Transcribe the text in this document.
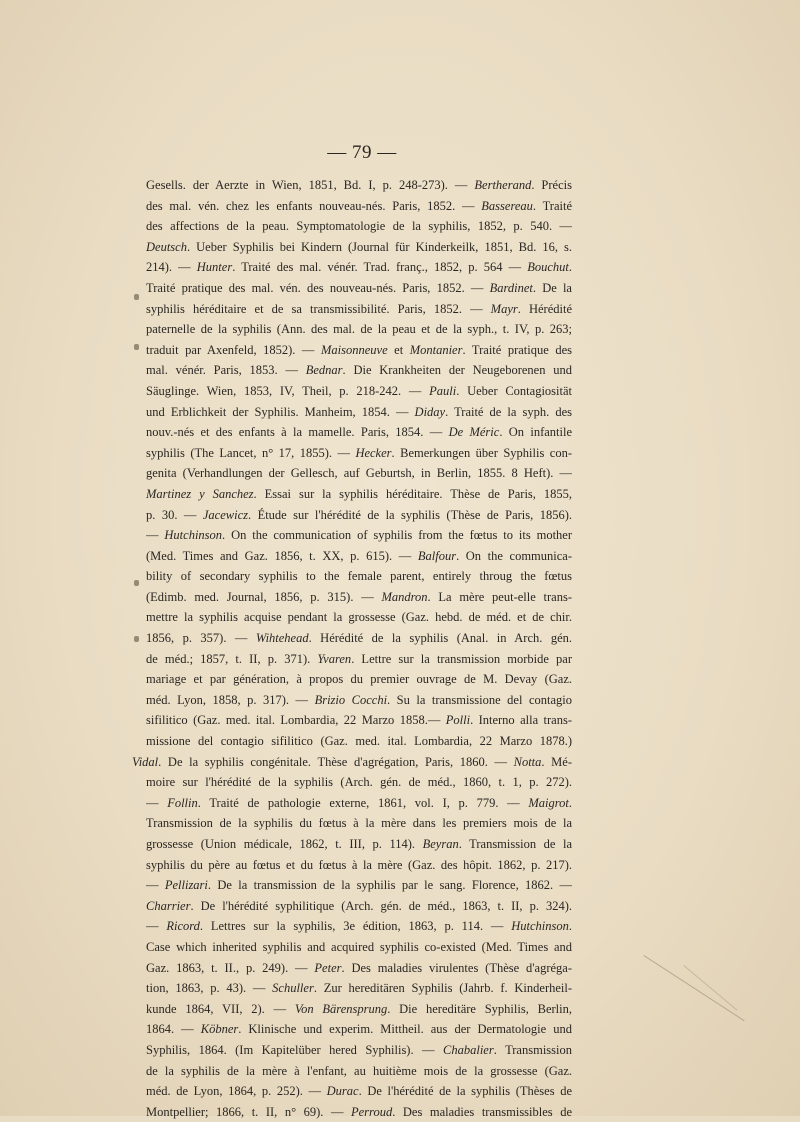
— 79 —
Gesells. der Aerzte in Wien, 1851, Bd. I, p. 248-273). — Bertherand. Précis
des mal. vén. chez les enfants nouveau-nés. Paris, 1852. — Bassereau. Traité
des affections de la peau. Symptomatologie de la syphilis, 1852, p. 540. —
Deutsch. Ueber Syphilis bei Kindern (Journal für Kinderkeilk, 1851, Bd. 16, s.
214). — Hunter. Traité des mal. vénér. Trad. franç., 1852, p. 564 — Bouchut.
Traité pratique des mal. vén. des nouveau-nés. Paris, 1852. — Bardinet. De la
syphilis héréditaire et de sa transmissibilité. Paris, 1852. — Mayr. Hérédité
paternelle de la syphilis (Ann. des mal. de la peau et de la syph., t. IV, p. 263;
traduit par Axenfeld, 1852). — Maisonneuve et Montanier. Traité pratique des
mal. vénér. Paris, 1853. — Bednar. Die Krankheiten der Neugeborenen und
Säuglinge. Wien, 1853, IV, Theil, p. 218-242. — Pauli. Ueber Contagiosität
und Erblichkeit der Syphilis. Manheim, 1854. — Diday. Traité de la syph. des
nouv.-nés et des enfants à la mamelle. Paris, 1854. — De Méric. On infantile
syphilis (The Lancet, n° 17, 1855). — Hecker. Bemerkungen über Syphilis con-
genita (Verhandlungen der Gellesch, auf Geburtsh, in Berlin, 1855. 8 Heft). —
Martinez y Sanchez. Essai sur la syphilis héréditaire. Thèse de Paris, 1855,
p. 30. — Jacewicz. Étude sur l'hérédité de la syphilis (Thèse de Paris, 1856).
— Hutchinson. On the communication of syphilis from the fœtus to its mother
(Med. Times and Gaz. 1856, t. XX, p. 615). — Balfour. On the communica-
bility of secondary syphilis to the female parent, entirely throug the fœtus
(Edimb. med. Journal, 1856, p. 315). — Mandron. La mère peut-elle trans-
mettre la syphilis acquise pendant la grossesse (Gaz. hebd. de méd. et de chir.
1856, p. 357). — Wihtehead. Hérédité de la syphilis (Anal. in Arch. gén.
de méd.; 1857, t. II, p. 371). Yvaren. Lettre sur la transmission morbide par
mariage et par génération, à propos du premier ouvrage de M. Devay (Gaz.
méd. Lyon, 1858, p. 317). — Brizio Cocchi. Su la transmissione del contagio
sifilitico (Gaz. med. ital. Lombardia, 22 Marzo 1858.— Polli. Interno alla trans-
missione del contagio sifilitico (Gaz. med. ital. Lombardia, 22 Marzo 1878.)
Vidal. De la syphilis congénitale. Thèse d'agrégation, Paris, 1860. — Notta. Mé-
moire sur l'hérédité de la syphilis (Arch. gén. de méd., 1860, t. 1, p. 272).
— Follin. Traité de pathologie externe, 1861, vol. I, p. 779. — Maigrot.
Transmission de la syphilis du fœtus à la mère dans les premiers mois de la
grossesse (Union médicale, 1862, t. III, p. 114). Beyran. Transmission de la
syphilis du père au fœtus et du fœtus à la mère (Gaz. des hôpit. 1862, p. 217).
— Pellizari. De la transmission de la syphilis par le sang. Florence, 1862. —
Charrier. De l'hérédité syphilitique (Arch. gén. de méd., 1863, t. II, p. 324).
— Ricord. Lettres sur la syphilis, 3e édition, 1863, p. 114. — Hutchinson.
Case which inherited syphilis and acquired syphilis co-existed (Med. Times and
Gaz. 1863, t. II., p. 249). — Peter. Des maladies virulentes (Thèse d'agréga-
tion, 1863, p. 43). — Schuller. Zur hereditären Syphilis (Jahrb. f. Kinderheil-
kunde 1864, VII, 2). — Von Bärensprung. Die hereditäre Syphilis, Berlin,
1864. — Köbner. Klinische und experim. Mittheil. aus der Dermatologie und
Syphilis, 1864. (Im Kapitelüber hered Syphilis). — Chabalier. Transmission
de la syphilis de la mère à l'enfant, au huitième mois de la grossesse (Gaz.
méd. de Lyon, 1864, p. 252). — Durac. De l'hérédité de la syphilis (Thèses de
Montpellier; 1866, t. II, n° 69). — Perroud. Des maladies transmissibles de
